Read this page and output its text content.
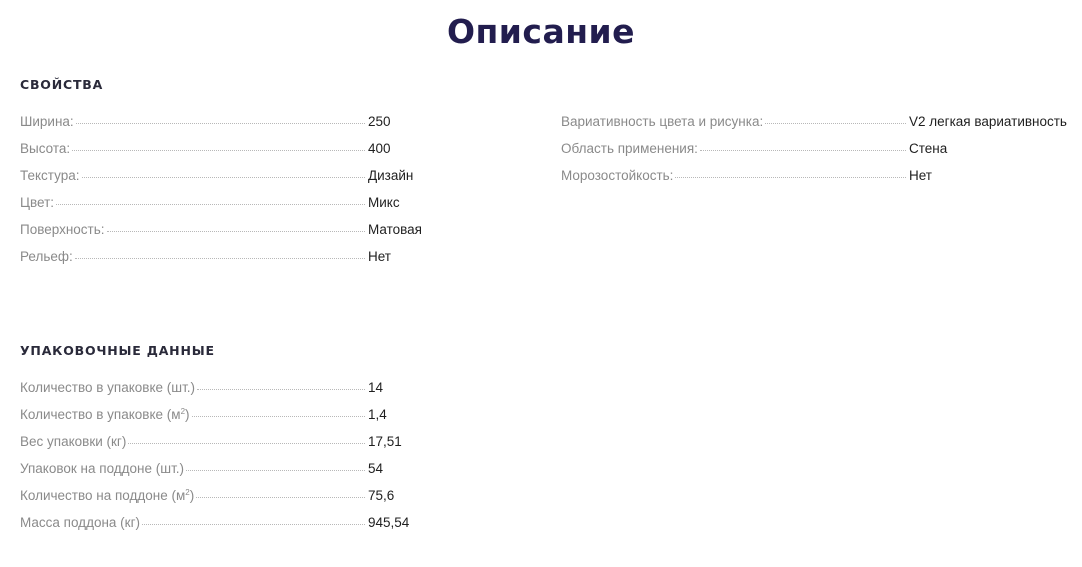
Описание
СВОЙСТВА
Ширина:	250
Высота:	400
Текстура:	Дизайн
Цвет:	Микс
Поверхность:	Матовая
Рельеф:	Нет
Вариативность цвета и рисунка:	V2 легкая вариативность
Область применения:	Стена
Морозостойкость:	Нет
УПАКОВОЧНЫЕ ДАННЫЕ
Количество в упаковке (шт.)	14
Количество в упаковке $(м^2)$	1,4
Вес упаковки (кг)	17,51
Упаковок на поддоне (шт.)	54
Количество на поддоне $(м^2)$	75,6
Масса поддона (кг)	945,54
